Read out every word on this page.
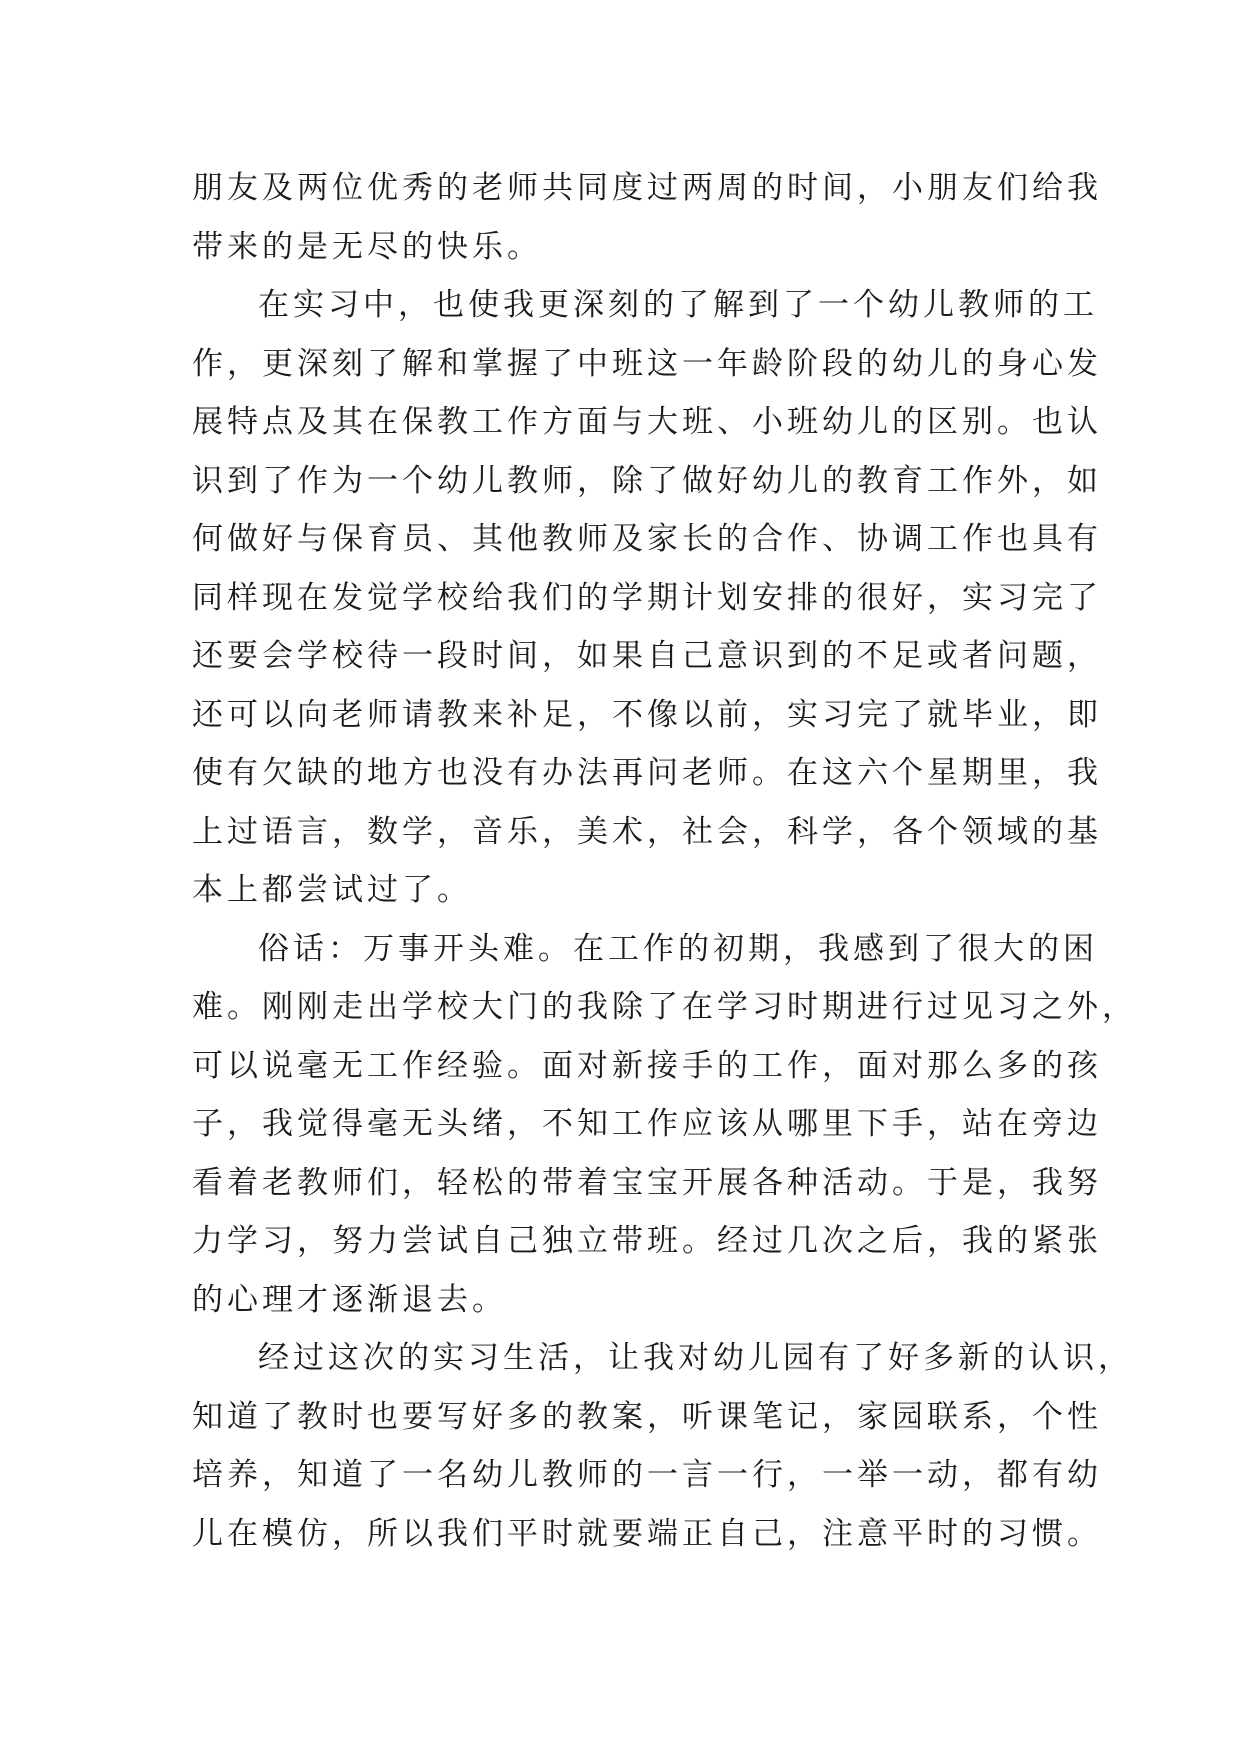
朋友及两位优秀的老师共同度过两周的时间，小朋友们给我
带来的是无尽的快乐。
在实习中，也使我更深刻的了解到了一个幼儿教师的工
作，更深刻了解和掌握了中班这一年龄阶段的幼儿的身心发
展特点及其在保教工作方面与大班、小班幼儿的区别。也认
识到了作为一个幼儿教师，除了做好幼儿的教育工作外，如
何做好与保育员、其他教师及家长的合作、协调工作也具有
同样现在发觉学校给我们的学期计划安排的很好，实习完了
还要会学校待一段时间，如果自己意识到的不足或者问题，
还可以向老师请教来补足，不像以前，实习完了就毕业，即
使有欠缺的地方也没有办法再问老师。在这六个星期里，我
上过语言，数学，音乐，美术，社会，科学，各个领域的基
本上都尝试过了。
俗话：万事开头难。在工作的初期，我感到了很大的困
难。刚刚走出学校大门的我除了在学习时期进行过见习之外，
可以说毫无工作经验。面对新接手的工作，面对那么多的孩
子，我觉得毫无头绪，不知工作应该从哪里下手，站在旁边
看着老教师们，轻松的带着宝宝开展各种活动。于是，我努
力学习，努力尝试自己独立带班。经过几次之后，我的紧张
的心理才逐渐退去。
经过这次的实习生活，让我对幼儿园有了好多新的认识，
知道了教时也要写好多的教案，听课笔记，家园联系，个性
培养，知道了一名幼儿教师的一言一行，一举一动，都有幼
儿在模仿，所以我们平时就要端正自己，注意平时的习惯。
